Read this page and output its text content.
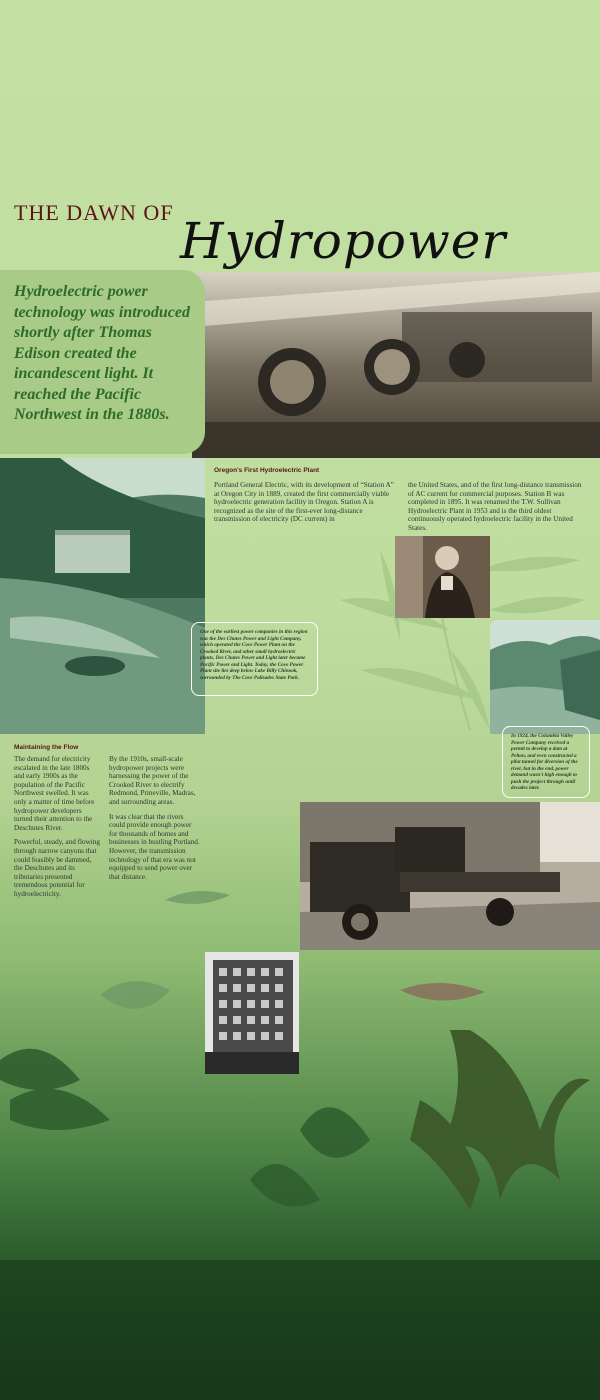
THE DAWN OF Hydropower
Hydroelectric power technology was introduced shortly after Thomas Edison created the incandescent light. It reached the Pacific Northwest in the 1880s.
Oregon's First Hydroelectric Plant
Portland General Electric, with its development of “Station A” at Oregon City in 1889, created the first commercially viable hydroelectric generation facility in Oregon. Station A is recognized as the site of the first-ever long-distance transmission of electricity (DC current) in
the United States, and of the first long-distance transmission of AC current for commercial purposes. Station B was completed in 1895. It was renamed the T.W. Sullivan Hydroelectric Plant in 1953 and is the third oldest continuously operated hydroelectric facility in the United States.
One of the earliest power companies in this region was the Des Chutes Power and Light Company, which operated the Cove Power Plant on the Crooked River, and other small hydroelectric plants. Des Chutes Power and Light later became Pacific Power and Light. Today, the Cove Power Plant site lies deep below Lake Billy Chinook, surrounded by The Cove Palisades State Park.
In 1924, the Columbia Valley Power Company received a permit to develop a dam at Pelton, and even constructed a pilot tunnel for diversion of the river, but in the end, power demand wasn't high enough to push the project through until decades later.
Maintaining the Flow

The demand for electricity escalated in the late 1800s and early 1900s as the population of the Pacific Northwest swelled. It was only a matter of time before hydropower developers turned their attention to the Deschutes River.

Powerful, steady, and flowing through narrow canyons that could feasibly be dammed, the Deschutes and its tributaries presented tremendous potential for hydroelectricity.

By the 1910s, small-scale hydropower projects were harnessing the power of the Crooked River to electrify Redmond, Prineville, Madras, and surrounding areas.

It was clear that the rivers could provide enough power for thousands of homes and businesses in bustling Portland. However, the transmission technology of that era was not equipped to send power over that distance.
